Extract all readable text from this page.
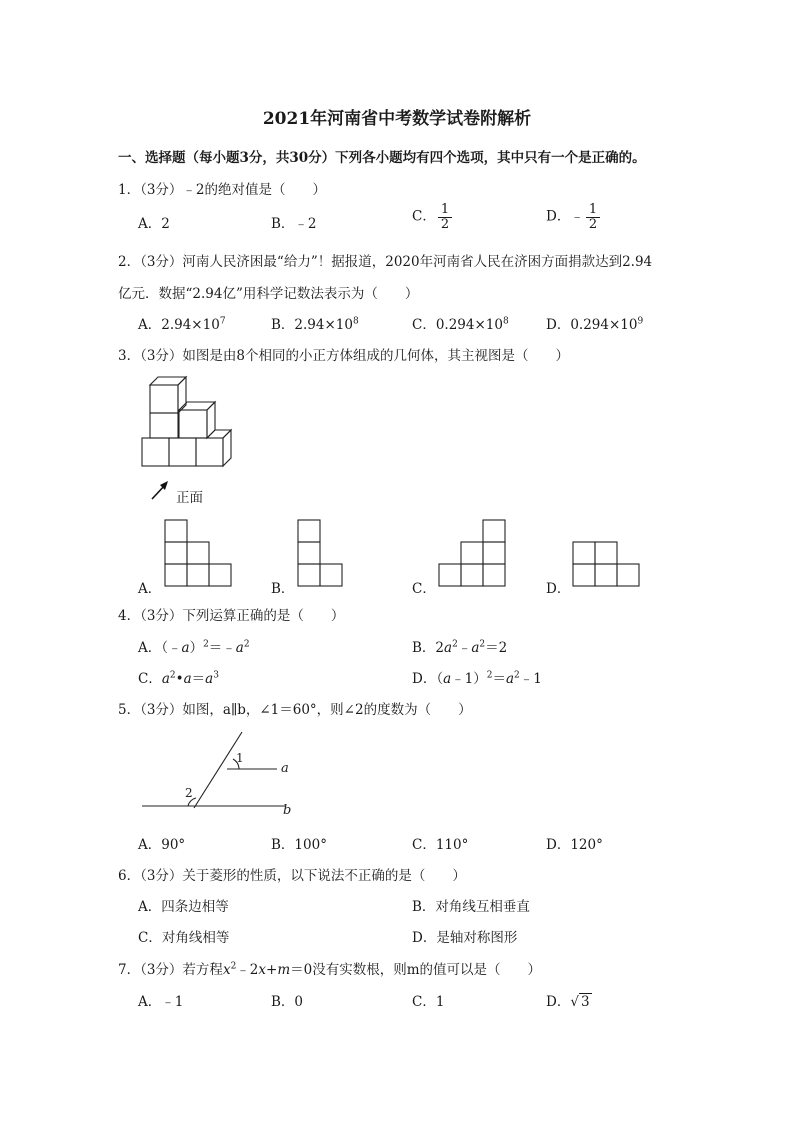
2021年河南省中考数学试卷附解析
一、选择题（每小题3分，共30分）下列各小题均有四个选项，其中只有一个是正确的。
1．（3分）﹣2的绝对值是（　　）
A．2	B．﹣2	C． $\frac{1}{2}$	D．﹣ $\frac{1}{2}$
2．（3分）河南人民济困最“给力”！据报道，2020年河南省人民在济困方面捐款达到2.94
亿元．数据“2.94亿”用科学记数法表示为（　　）
A．$2.94\times 10^7$	B．$2.94\times 10^8$	C．$0.294\times 10^8$	D．$0.294\times 10^9$
3．（3分）如图是由8个相同的小正方体组成的几何体，其主视图是（　　）
正面
A．	B．	C．	D．
4．（3分）下列运算正确的是（　　）
A．$(﹣a)^2=﹣a^2$	B．$2a^2﹣a^2=2$
C．$a^2•a=a^3$	D．$(a﹣1)^2=a^2﹣1$
5．（3分）如图，a∥b，∠1＝60°，则∠2的度数为（　　）
1
2
a
b
A．90°	B．100°	C．110°	D．120°
6．（3分）关于菱形的性质，以下说法不正确的是（　　）
A．四条边相等	B．对角线互相垂直
C．对角线相等	D．是轴对称图形
7．（3分）若方程$x^2﹣2x+m=0$没有实数根，则m的值可以是（　　）
A．﹣1	B．0	C．1	D．√ 3
